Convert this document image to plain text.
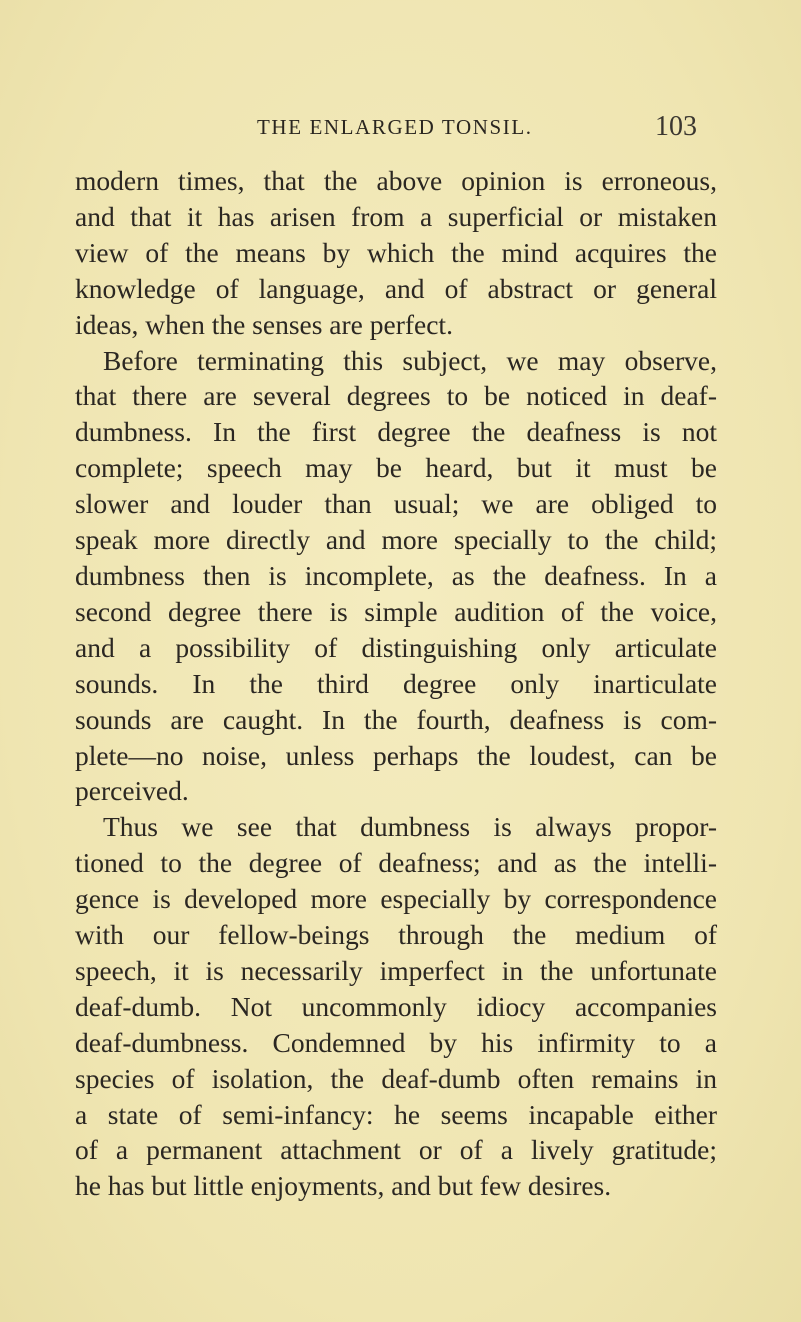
THE ENLARGED TONSIL.	103

modern times, that the above opinion is erroneous,

and that it has arisen from a superficial or mistaken

view of the means by which the mind acquires the

knowledge of language, and of abstract or general

ideas, when the senses are perfect.

Before terminating this subject, we may observe,

that there are several degrees to be noticed in deaf-

dumbness. In the first degree the deafness is not

complete; speech may be heard, but it must be

slower and louder than usual; we are obliged to

speak more directly and more specially to the child;

dumbness then is incomplete, as the deafness. In a

second degree there is simple audition of the voice,

and a possibility of distinguishing only articulate

sounds. In the third degree only inarticulate

sounds are caught. In the fourth, deafness is com-

plete—no noise, unless perhaps the loudest, can be

perceived.

Thus we see that dumbness is always propor-

tioned to the degree of deafness; and as the intelli-

gence is developed more especially by correspondence

with our fellow-beings through the medium of

speech, it is necessarily imperfect in the unfortunate

deaf-dumb. Not uncommonly idiocy accompanies

deaf-dumbness. Condemned by his infirmity to a

species of isolation, the deaf-dumb often remains in

a state of semi-infancy: he seems incapable either

of a permanent attachment or of a lively gratitude;

he has but little enjoyments, and but few desires.
